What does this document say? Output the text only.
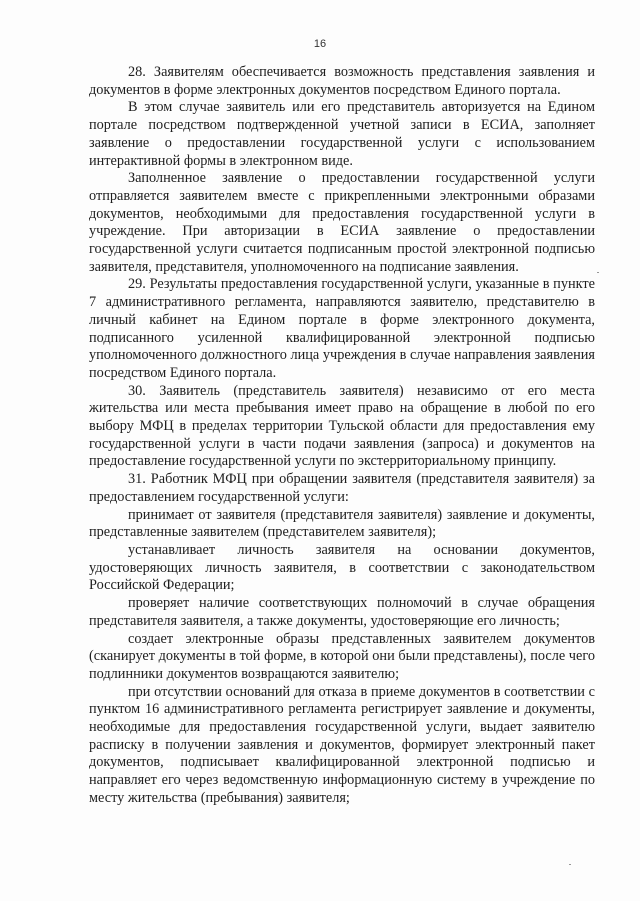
16

28. Заявителям обеспечивается возможность представления заявления и документов в форме электронных документов посредством Единого портала.

В этом случае заявитель или его представитель авторизуется на Едином портале посредством подтвержденной учетной записи в ЕСИА, заполняет заявление о предоставлении государственной услуги с использованием интерактивной формы в электронном виде.

Заполненное заявление о предоставлении государственной услуги отправляется заявителем вместе с прикрепленными электронными образами документов, необходимыми для предоставления государственной услуги в учреждение. При авторизации в ЕСИА заявление о предоставлении государственной услуги считается подписанным простой электронной подписью заявителя, представителя, уполномоченного на подписание заявления.

29. Результаты предоставления государственной услуги, указанные в пункте 7 административного регламента, направляются заявителю, представителю в личный кабинет на Едином портале в форме электронного документа, подписанного усиленной квалифицированной электронной подписью уполномоченного должностного лица учреждения в случае направления заявления посредством Единого портала.

30. Заявитель (представитель заявителя) независимо от его места жительства или места пребывания имеет право на обращение в любой по его выбору МФЦ в пределах территории Тульской области для предоставления ему государственной услуги в части подачи заявления (запроса) и документов на предоставление государственной услуги по экстерриториальному принципу.

31. Работник МФЦ при обращении заявителя (представителя заявителя) за предоставлением государственной услуги:

принимает от заявителя (представителя заявителя) заявление и документы, представленные заявителем (представителем заявителя);

устанавливает личность заявителя на основании документов, удостоверяющих личность заявителя, в соответствии с законодательством Российской Федерации;

проверяет наличие соответствующих полномочий в случае обращения представителя заявителя, а также документы, удостоверяющие его личность;

создает электронные образы представленных заявителем документов (сканирует документы в той форме, в которой они были представлены), после чего подлинники документов возвращаются заявителю;

при отсутствии оснований для отказа в приеме документов в соответствии с пунктом 16 административного регламента регистрирует заявление и документы, необходимые для предоставления государственной услуги, выдает заявителю расписку в получении заявления и документов, формирует электронный пакет документов, подписывает квалифицированной электронной подписью и направляет его через ведомственную информационную систему в учреждение по месту жительства (пребывания) заявителя;
